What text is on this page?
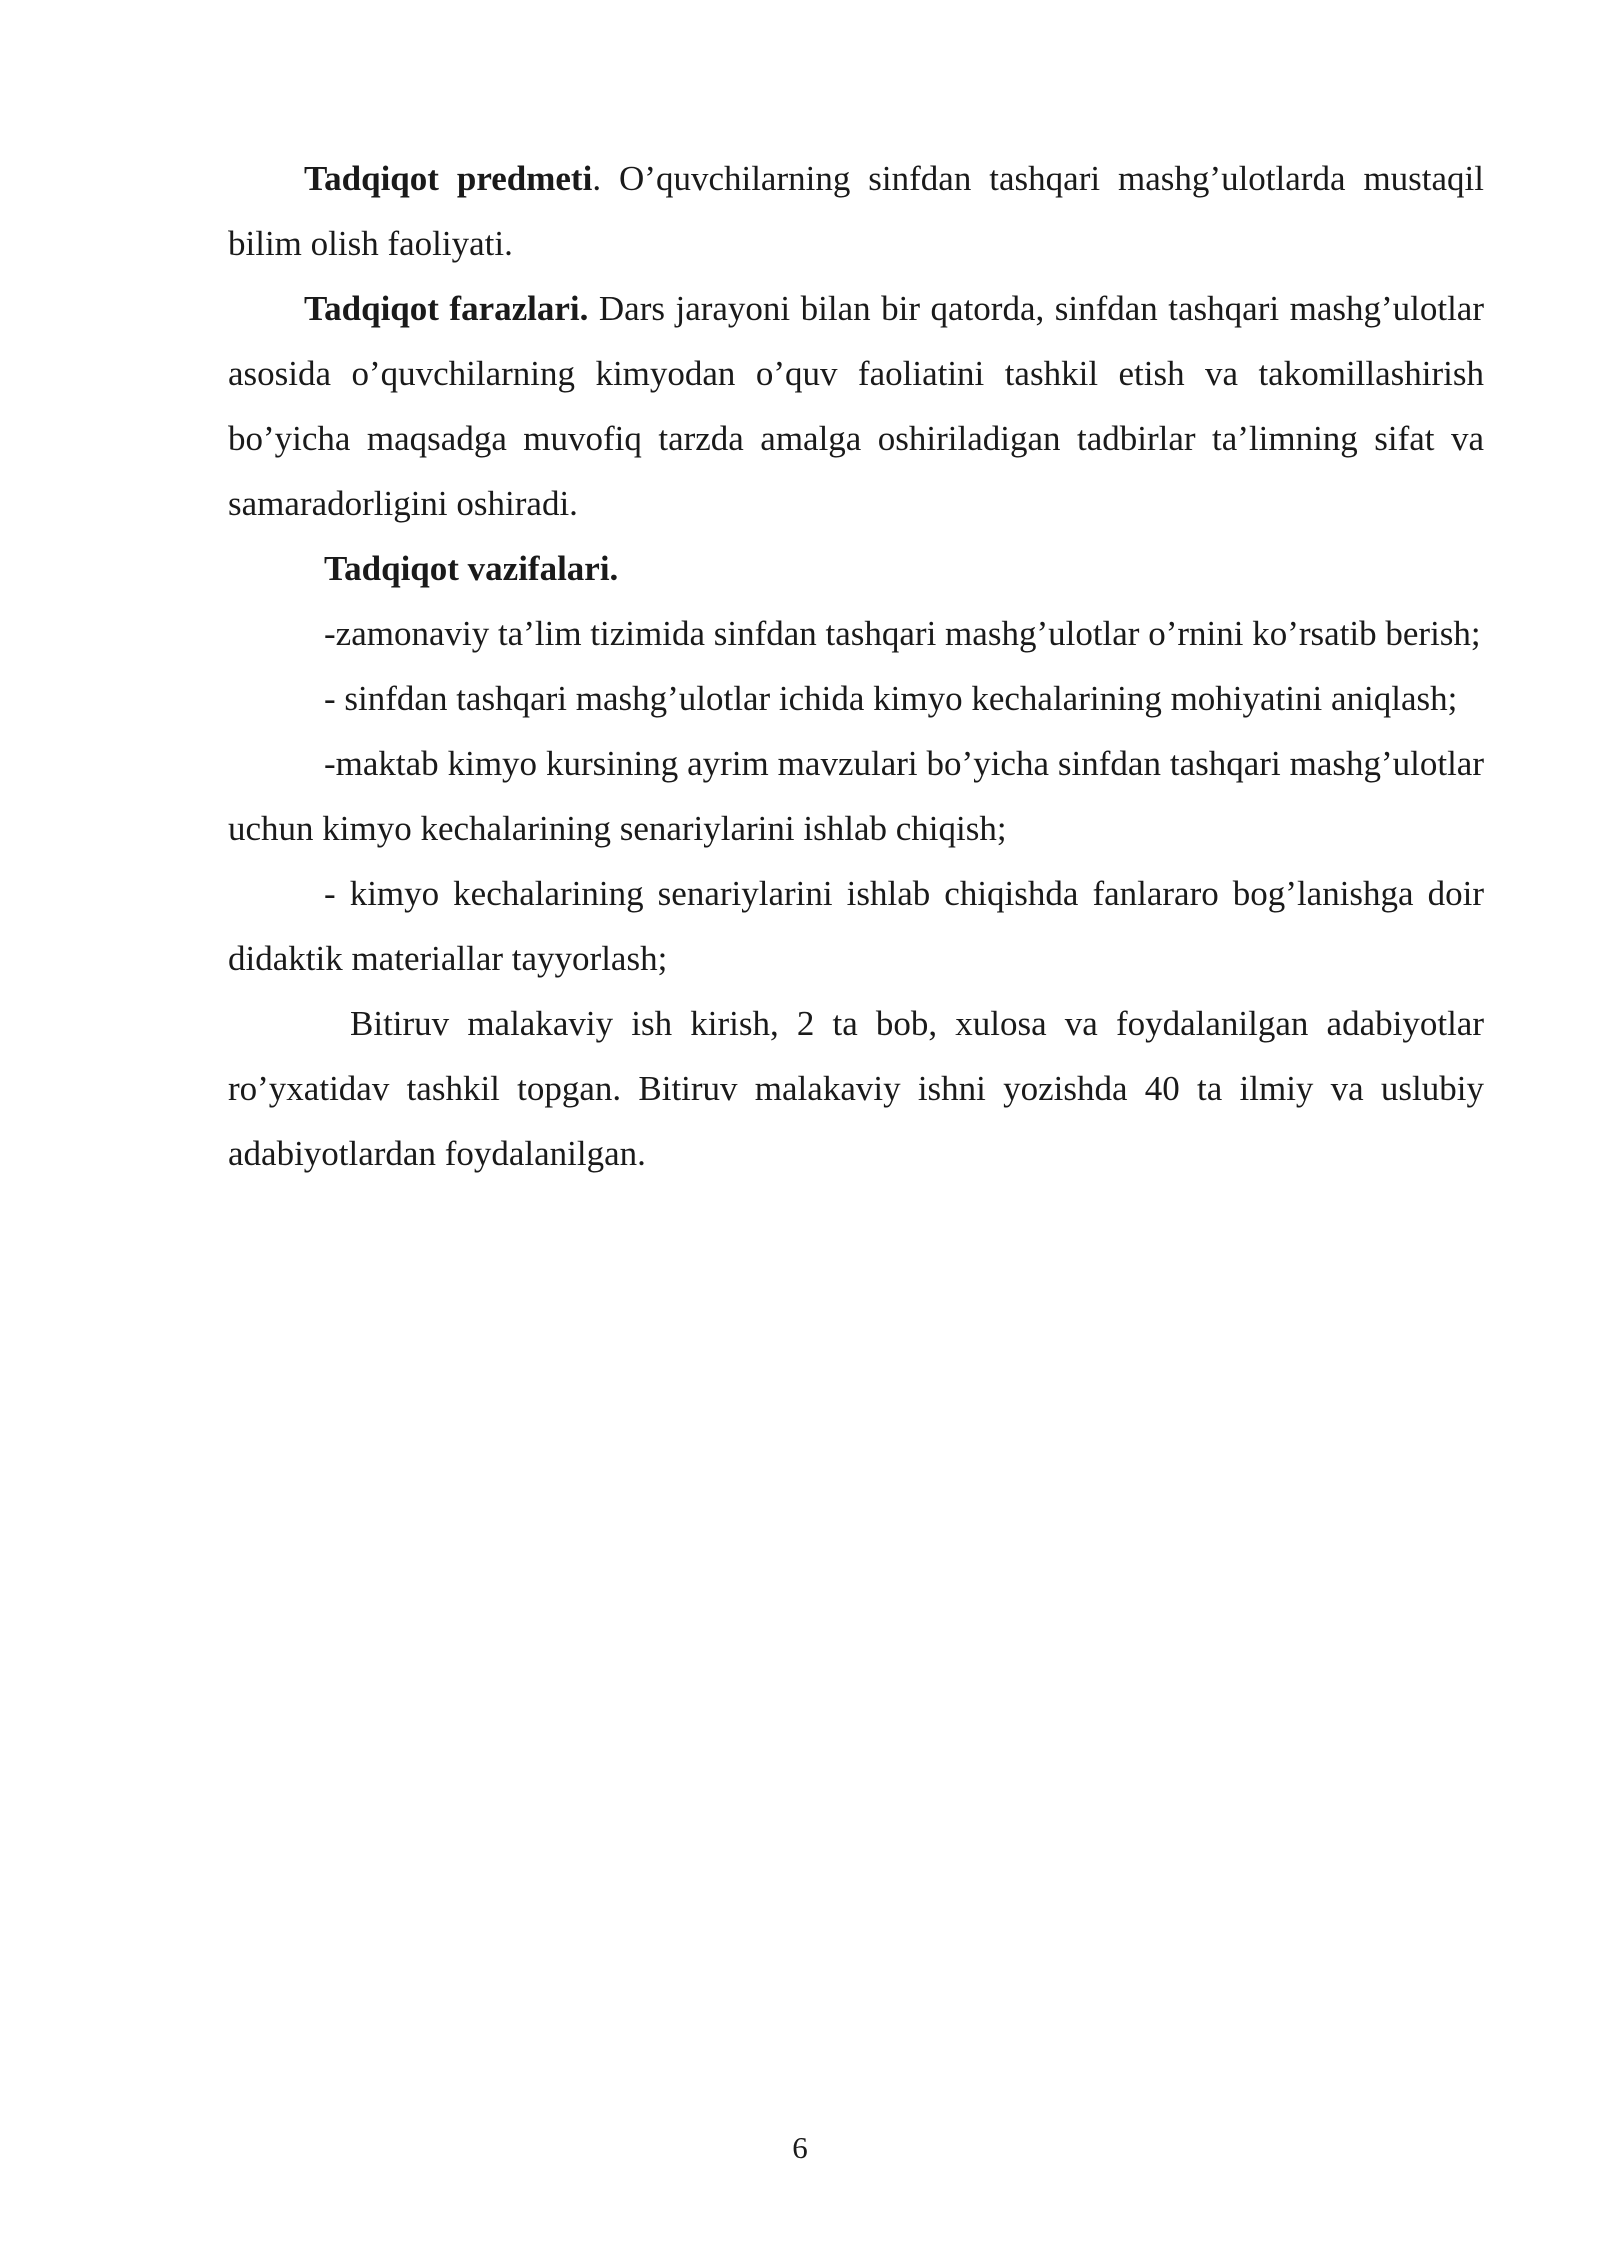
Tadqiqot predmeti. O’quvchilarning sinfdan tashqari mashg’ulotlarda mustaqil bilim olish faoliyati.

Tadqiqot farazlari. Dars jarayoni bilan bir qatorda, sinfdan tashqari mashg’ulotlar asosida o’quvchilarning kimyodan o’quv faoliatini tashkil etish va takomillashirish bo’yicha maqsadga muvofiq tarzda amalga oshiriladigan tadbirlar ta’limning sifat va samaradorligini oshiradi.

Tadqiqot vazifalari.

-zamonaviy ta’lim tizimida sinfdan tashqari mashg’ulotlar o’rnini ko’rsatib berish;

- sinfdan tashqari mashg’ulotlar ichida kimyo kechalarining mohiyatini aniqlash;

-maktab kimyo kursining ayrim mavzulari bo’yicha sinfdan tashqari mashg’ulotlar uchun kimyo kechalarining senariylarini ishlab chiqish;

- kimyo kechalarining senariylarini ishlab chiqishda fanlararo bog’lanishga doir didaktik materiallar tayyorlash;

Bitiruv malakaviy ish kirish, 2 ta bob, xulosa va foydalanilgan adabiyotlar ro’yxatidav tashkil topgan. Bitiruv malakaviy ishni yozishda 40 ta ilmiy va uslubiy adabiyotlardan foydalanilgan.

6
